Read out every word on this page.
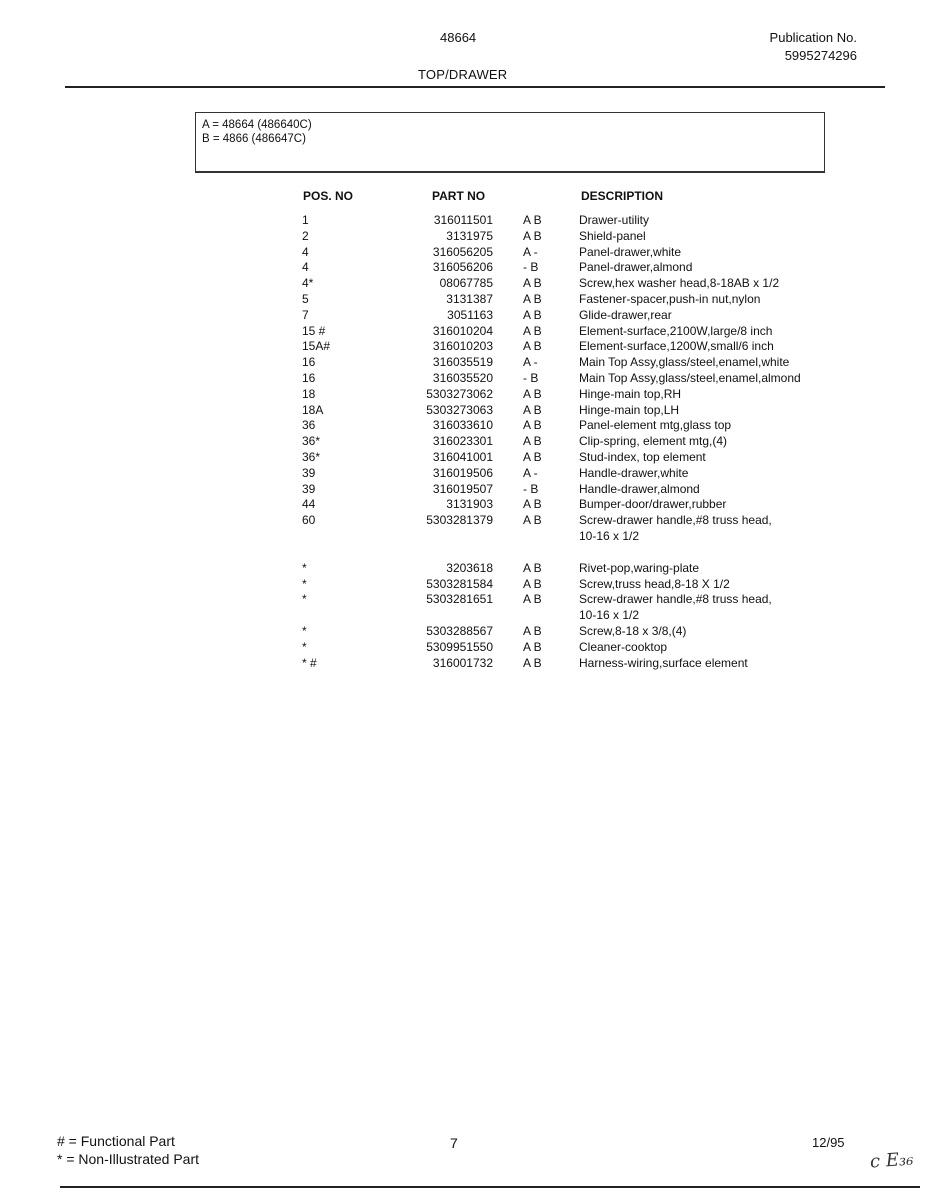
48664	Publication No.
5995274296
TOP/DRAWER
A = 48664 (486640C)
B = 4866 (486647C)
POS. NO	PART NO	DESCRIPTION
1	316011501	A B	Drawer-utility
2	3131975	A B	Shield-panel
4	316056205	A -	Panel-drawer,white
4	316056206	- B	Panel-drawer,almond
4*	08067785	A B	Screw,hex washer head,8-18AB x 1/2
5	3131387	A B	Fastener-spacer,push-in nut,nylon
7	3051163	A B	Glide-drawer,rear
15 #	316010204	A B	Element-surface,2100W,large/8 inch
15A#	316010203	A B	Element-surface,1200W,small/6 inch
16	316035519	A -	Main Top Assy,glass/steel,enamel,white
16	316035520	- B	Main Top Assy,glass/steel,enamel,almond
18	5303273062	A B	Hinge-main top,RH
18A	5303273063	A B	Hinge-main top,LH
36	316033610	A B	Panel-element mtg,glass top
36*	316023301	A B	Clip-spring, element mtg,(4)
36*	316041001	A B	Stud-index, top element
39	316019506	A -	Handle-drawer,white
39	316019507	- B	Handle-drawer,almond
44	3131903	A B	Bumper-door/drawer,rubber
60	5303281379	A B	Screw-drawer handle,#8 truss head,
10-16 x 1/2
*	3203618	A B	Rivet-pop,waring-plate
*	5303281584	A B	Screw,truss head,8-18 X 1/2
*	5303281651	A B	Screw-drawer handle,#8 truss head,
10-16 x 1/2
*	5303288567	A B	Screw,8-18 x 3/8,(4)
*	5309951550	A B	Cleaner-cooktop
* #	316001732	A B	Harness-wiring,surface element
# = Functional Part
* = Non-Illustrated Part
7	12/95
c E₃₆
